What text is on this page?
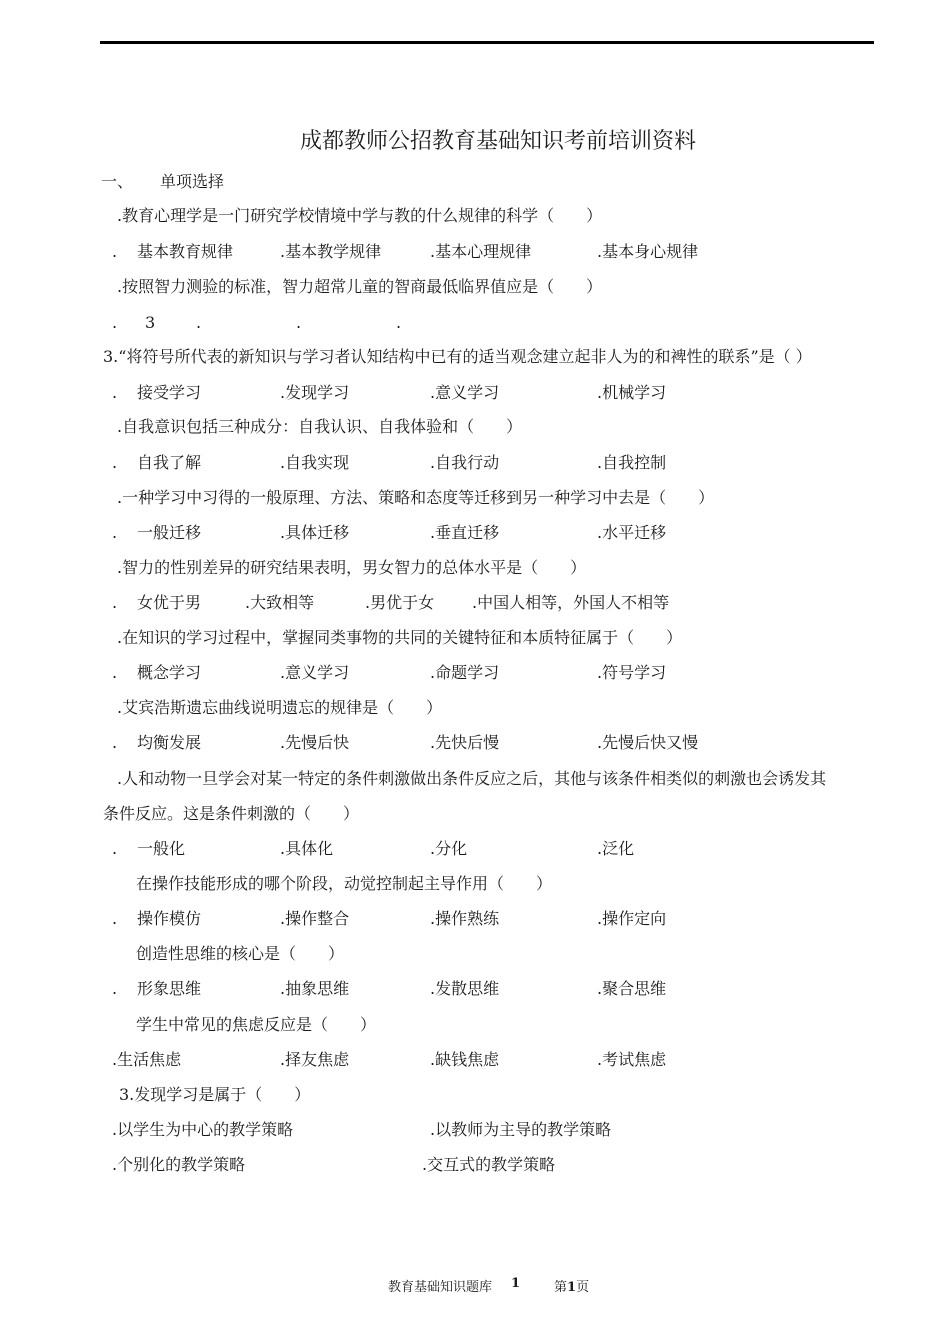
成都教师公招教育基础知识考前培训资料
一、 单项选择
.教育心理学是一门研究学校情境中学与教的什么规律的科学（　　）
. 基本教育规律	.基本教学规律	.基本心理规律	.基本身心规律
.按照智力测验的标准，智力超常儿童的智商最低临界值应是（　　）
. 3	.	.	.
3.“将符号所代表的新知识与学习者认知结构中已有的适当观念建立起非人为的和裨性的联系”是（ ）
. 接受学习	.发现学习	.意义学习	.机械学习
.自我意识包括三种成分：自我认识、自我体验和（　　）
. 自我了解	.自我实现	.自我行动	.自我控制
.一种学习中习得的一般原理、方法、策略和态度等迁移到另一种学习中去是（　　）
. 一般迁移	.具体迁移	.垂直迁移	.水平迁移
.智力的性别差异的研究结果表明，男女智力的总体水平是（　　）
. 女优于男	.大致相等	.男优于女 .中国人相等，外国人不相等
.在知识的学习过程中，掌握同类事物的共同的关键特征和本质特征属于（　　）
. 概念学习	.意义学习	.命题学习	.符号学习
.艾宾浩斯遗忘曲线说明遗忘的规律是（　　）
. 均衡发展	.先慢后快	.先快后慢	.先慢后快又慢
.人和动物一旦学会对某一特定的条件刺激做出条件反应之后，其他与该条件相类似的刺激也会诱发其
条件反应。这是条件刺激的（　　）
. 一般化	.具体化	.分化	.泛化
在操作技能形成的哪个阶段，动觉控制起主导作用（　　）
. 操作模仿	.操作整合	.操作熟练	.操作定向
创造性思维的核心是（　　）
. 形象思维	.抽象思维	.发散思维	.聚合思维
学生中常见的焦虑反应是（　　）
.生活焦虑	.择友焦虑	.缺钱焦虑	.考试焦虑
3.发现学习是属于（　　）
.以学生为中心的教学策略	.以教师为主导的教学策略
.个别化的教学策略	.交互式的教学策略
教育基础知识题库 1	第1页
